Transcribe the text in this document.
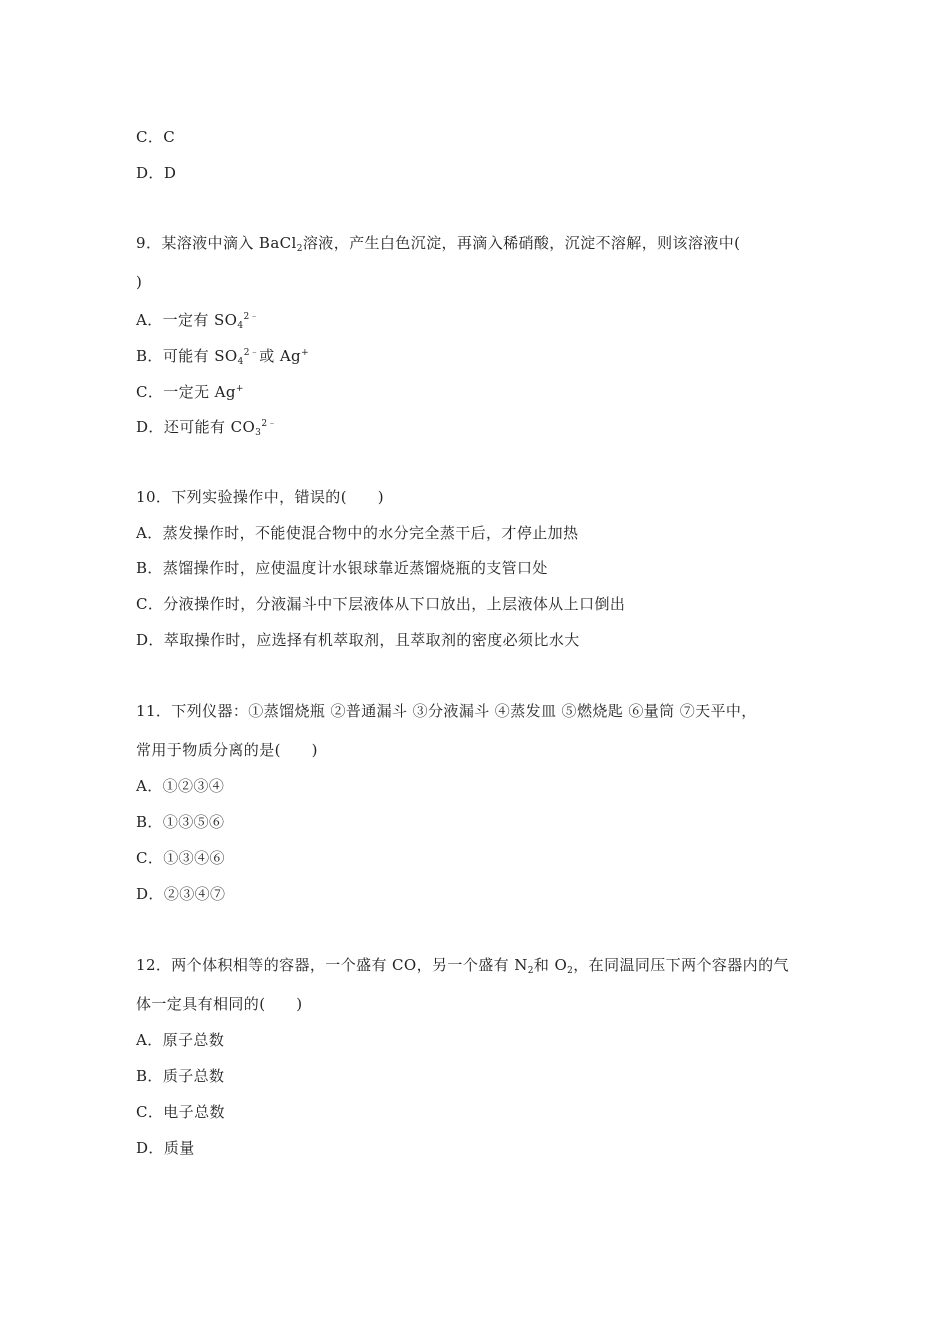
C．C
D．D
9．某溶液中滴入 BaCl$_2$溶液，产生白色沉淀，再滴入稀硝酸，沉淀不溶解，则该溶液中(
)
A．一定有 $SO_4^{2﹣}$
B．可能有 $SO_4^{2﹣}$或 Ag+
C．一定无 Ag+
D．还可能有 $CO_3^{2﹣}$
10．下列实验操作中，错误的(　　)
A．蒸发操作时，不能使混合物中的水分完全蒸干后，才停止加热
B．蒸馏操作时，应使温度计水银球靠近蒸馏烧瓶的支管口处
C．分液操作时，分液漏斗中下层液体从下口放出，上层液体从上口倒出
D．萃取操作时，应选择有机萃取剂，且萃取剂的密度必须比水大
11．下列仪器：①蒸馏烧瓶 ②普通漏斗 ③分液漏斗 ④蒸发皿 ⑤燃烧匙 ⑥量筒 ⑦天平中，
常用于物质分离的是(　　)
A．①②③④
B．①③⑤⑥
C．①③④⑥
D．②③④⑦
12．两个体积相等的容器，一个盛有 CO，另一个盛有 $N_2$和 $O_2$，在同温同压下两个容器内的气
体一定具有相同的(　　)
A．原子总数
B．质子总数
C．电子总数
D．质量
